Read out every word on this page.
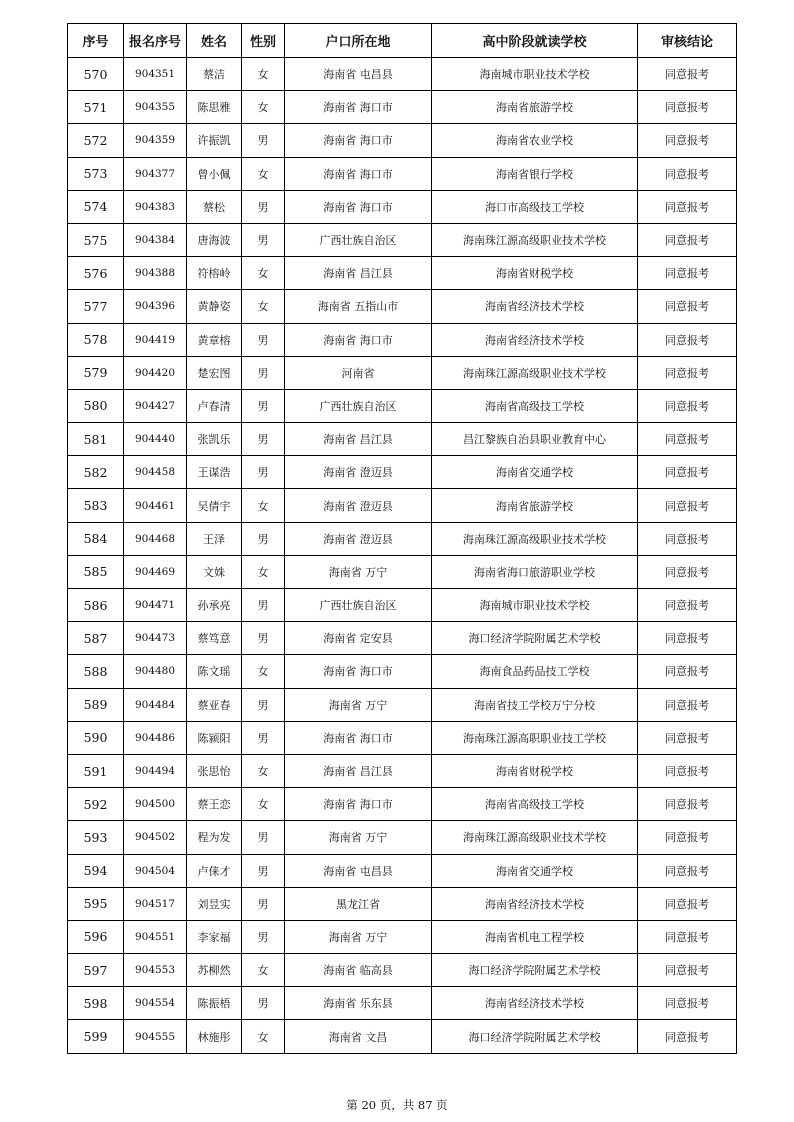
序号	报名序号	姓名	性别	户口所在地	高中阶段就读学校	审核结论
570	904351	蔡洁	女	海南省 屯昌县	海南城市职业技术学校	同意报考
571	904355	陈思雅	女	海南省 海口市	海南省旅游学校	同意报考
572	904359	许振凯	男	海南省 海口市	海南省农业学校	同意报考
573	904377	曾小佩	女	海南省 海口市	海南省银行学校	同意报考
574	904383	蔡松	男	海南省 海口市	海口市高级技工学校	同意报考
575	904384	唐海波	男	广西壮族自治区	海南珠江源高级职业技术学校	同意报考
576	904388	符榕岭	女	海南省 昌江县	海南省财税学校	同意报考
577	904396	黄静姿	女	海南省 五指山市	海南省经济技术学校	同意报考
578	904419	黄章榕	男	海南省 海口市	海南省经济技术学校	同意报考
579	904420	楚宏图	男	河南省	海南珠江源高级职业技术学校	同意报考
580	904427	卢春清	男	广西壮族自治区	海南省高级技工学校	同意报考
581	904440	张凯乐	男	海南省 昌江县	昌江黎族自治县职业教育中心	同意报考
582	904458	王谋浩	男	海南省 澄迈县	海南省交通学校	同意报考
583	904461	吴倩宇	女	海南省 澄迈县	海南省旅游学校	同意报考
584	904468	王泽	男	海南省 澄迈县	海南珠江源高级职业技术学校	同意报考
585	904469	文姝	女	海南省 万宁	海南省海口旅游职业学校	同意报考
586	904471	孙承亮	男	广西壮族自治区	海南城市职业技术学校	同意报考
587	904473	蔡笃意	男	海南省 定安县	海口经济学院附属艺术学校	同意报考
588	904480	陈文瑶	女	海南省 海口市	海南食品药品技工学校	同意报考
589	904484	蔡亚春	男	海南省 万宁	海南省技工学校万宁分校	同意报考
590	904486	陈颍阳	男	海南省 海口市	海南珠江源高职职业技工学校	同意报考
591	904494	张思怡	女	海南省 昌江县	海南省财税学校	同意报考
592	904500	蔡王恋	女	海南省 海口市	海南省高级技工学校	同意报考
593	904502	程为发	男	海南省 万宁	海南珠江源高级职业技术学校	同意报考
594	904504	卢俫才	男	海南省 屯昌县	海南省交通学校	同意报考
595	904517	刘昱实	男	黑龙江省	海南省经济技术学校	同意报考
596	904551	李家福	男	海南省 万宁	海南省机电工程学校	同意报考
597	904553	苏柳然	女	海南省 临高县	海口经济学院附属艺术学校	同意报考
598	904554	陈振梧	男	海南省 乐东县	海南省经济技术学校	同意报考
599	904555	林施彤	女	海南省 文昌	海口经济学院附属艺术学校	同意报考
第 20 页，共 87 页
